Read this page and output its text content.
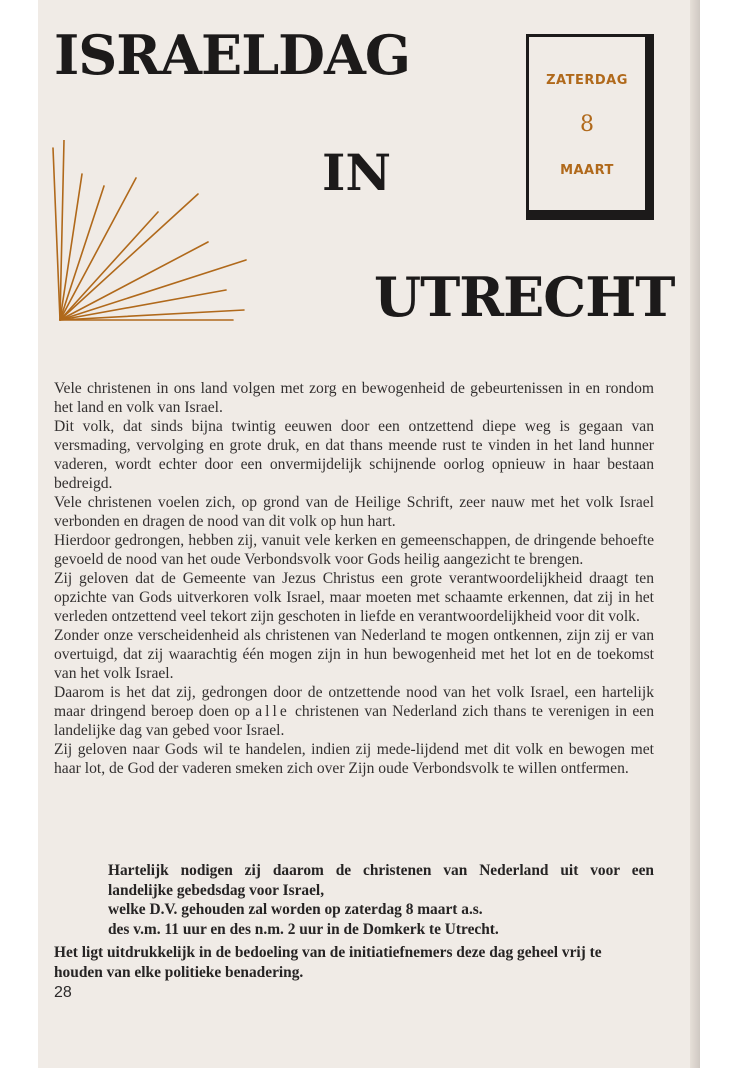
ISRAELDAG
IN
UTRECHT
ZATERDAG
8
MAART

Vele christenen in ons land volgen met zorg en bewogenheid de gebeurtenissen in en rondom het land en volk van Israel.

Dit volk, dat sinds bijna twintig eeuwen door een ontzettend diepe weg is gegaan van versmading, vervolging en grote druk, en dat thans meende rust te vinden in het land hunner vaderen, wordt echter door een onvermijdelijk schijnende oorlog opnieuw in haar bestaan bedreigd.

Vele christenen voelen zich, op grond van de Heilige Schrift, zeer nauw met het volk Israel verbonden en dragen de nood van dit volk op hun hart.

Hierdoor gedrongen, hebben zij, vanuit vele kerken en gemeenschappen, de dringende behoefte gevoeld de nood van het oude Verbondsvolk voor Gods heilig aangezicht te brengen.

Zij geloven dat de Gemeente van Jezus Christus een grote verantwoordelijkheid draagt ten opzichte van Gods uitverkoren volk Israel, maar moeten met schaamte erkennen, dat zij in het verleden ontzettend veel tekort zijn geschoten in liefde en verantwoordelijkheid voor dit volk.

Zonder onze verscheidenheid als christenen van Nederland te mogen ontkennen, zijn zij er van overtuigd, dat zij waarachtig één mogen zijn in hun bewogenheid met het lot en de toekomst van het volk Israel.

Daarom is het dat zij, gedrongen door de ontzettende nood van het volk Israel, een hartelijk maar dringend beroep doen op alle christenen van Nederland zich thans te verenigen in een landelijke dag van gebed voor Israel.

Zij geloven naar Gods wil te handelen, indien zij mede-lijdend met dit volk en bewogen met haar lot, de God der vaderen smeken zich over Zijn oude Verbondsvolk te willen ontfermen.

Hartelijk nodigen zij daarom de christenen van Nederland uit voor een

landelijke gebedsdag voor Israel,

welke D.V. gehouden zal worden op zaterdag 8 maart a.s.

des v.m. 11 uur en des n.m. 2 uur in de Domkerk te Utrecht.

Het ligt uitdrukkelijk in de bedoeling van de initiatiefnemers deze dag geheel vrij te houden van elke politieke benadering.

28
